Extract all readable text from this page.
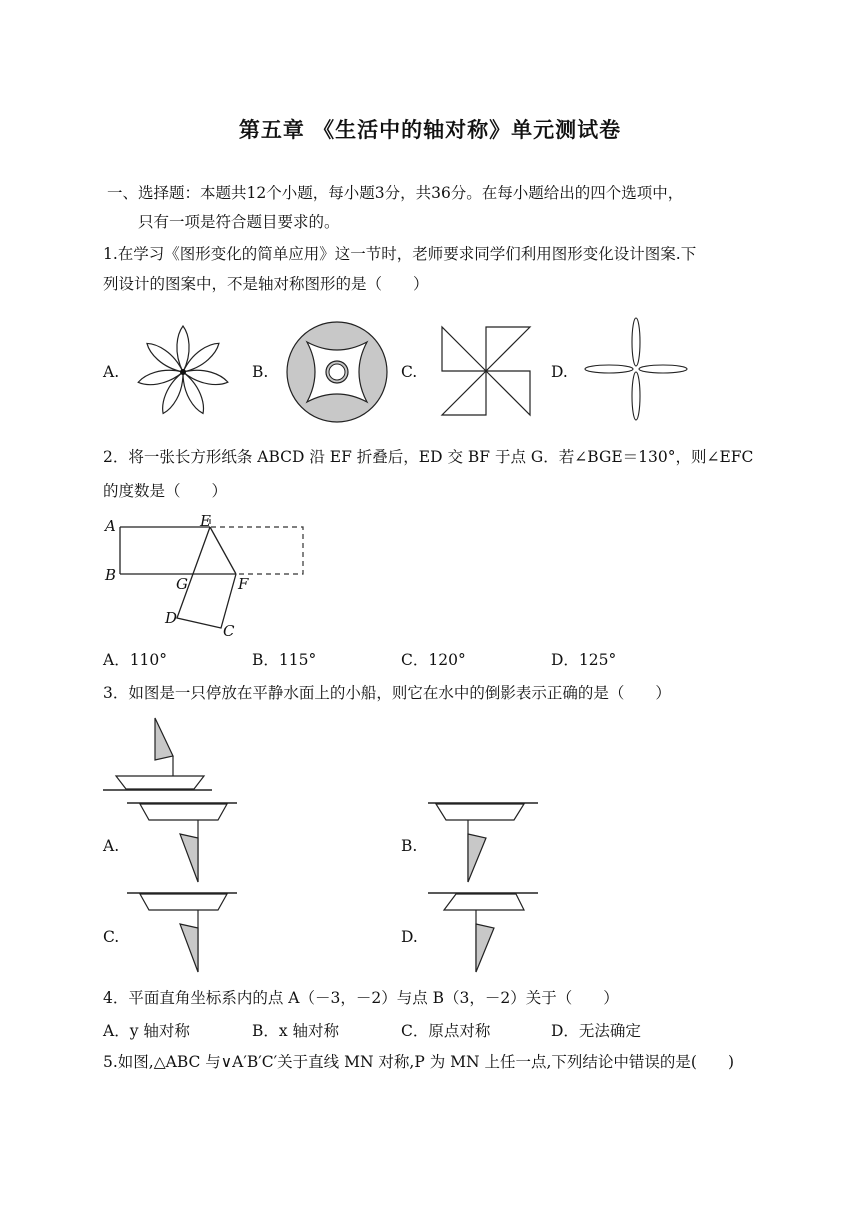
第五章 《生活中的轴对称》单元测试卷
一、选择题：本题共12个小题，每小题3分，共36分。在每小题给出的四个选项中，
只有一项是符合题目要求的。
1.在学习《图形变化的简单应用》这一节时，老师要求同学们利用图形变化设计图案.下
列设计的图案中，不是轴对称图形的是（　　）
A.	B.	C.	D.
2．将一张长方形纸条 ABCD 沿 EF 折叠后，ED 交 BF 于点 G．若∠BGE＝130°，则∠EFC
的度数是（　　）
A
B
E
G	F
D
C
A．110°	B．115°	C．120°	D．125°
3．如图是一只停放在平静水面上的小船，则它在水中的倒影表示正确的是（　　）
A.	B.
C.	D.
4．平面直角坐标系内的点 A（－3，－2）与点 B（3，－2）关于（　　）
A．y 轴对称	B．x 轴对称	C．原点对称	D．无法确定
5.如图,△ABC 与∨A′B′C′关于直线 MN 对称,P 为 MN 上任一点,下列结论中错误的是(　　)
